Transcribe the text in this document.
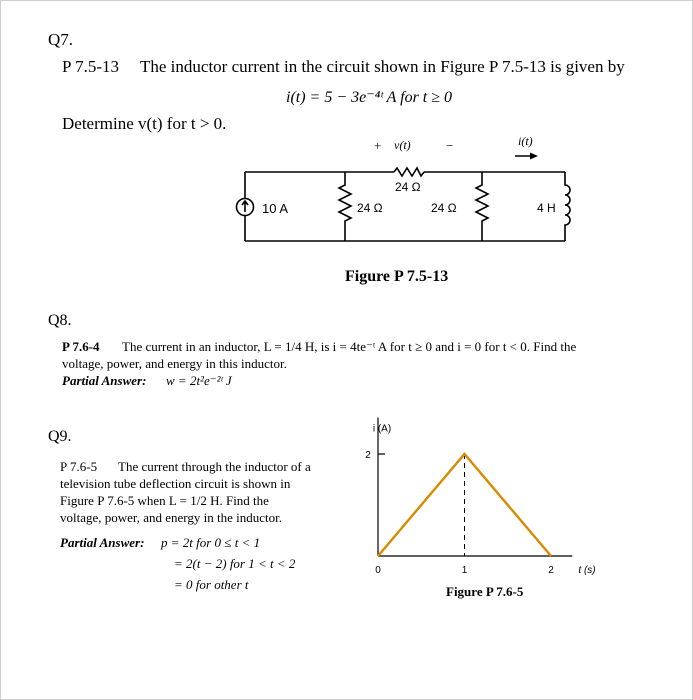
Q7.
P 7.5-13 The inductor current in the circuit shown in Figure P 7.5-13 is given by
i(t) = 5 − 3e⁻⁴ᵗ A for t ≥ 0
Determine v(t) for t > 0.
10 A
24 Ω
24 Ω	24 Ω	4 H
+ v(t)	−	i(t)
Figure P 7.5-13
Q8.
P 7.6-4 The current in an inductor, L = 1/4 H, is i = 4te⁻ᵗ A for t ≥ 0 and i = 0 for t < 0. Find the
voltage, power, and energy in this inductor.
Partial Answer: w = 2t²e⁻²ᵗ J
Q9.
P 7.6-5 The current through the inductor of a
television tube deflection circuit is shown in
Figure P 7.6-5 when L = 1/2 H. Find the
voltage, power, and energy in the inductor.
Partial Answer: p = 2t for 0 ≤ t < 1
= 2(t − 2) for 1 < t < 2
= 0 for other t
2
0	1	2
i (A)
t (s)
Figure P 7.6-5
